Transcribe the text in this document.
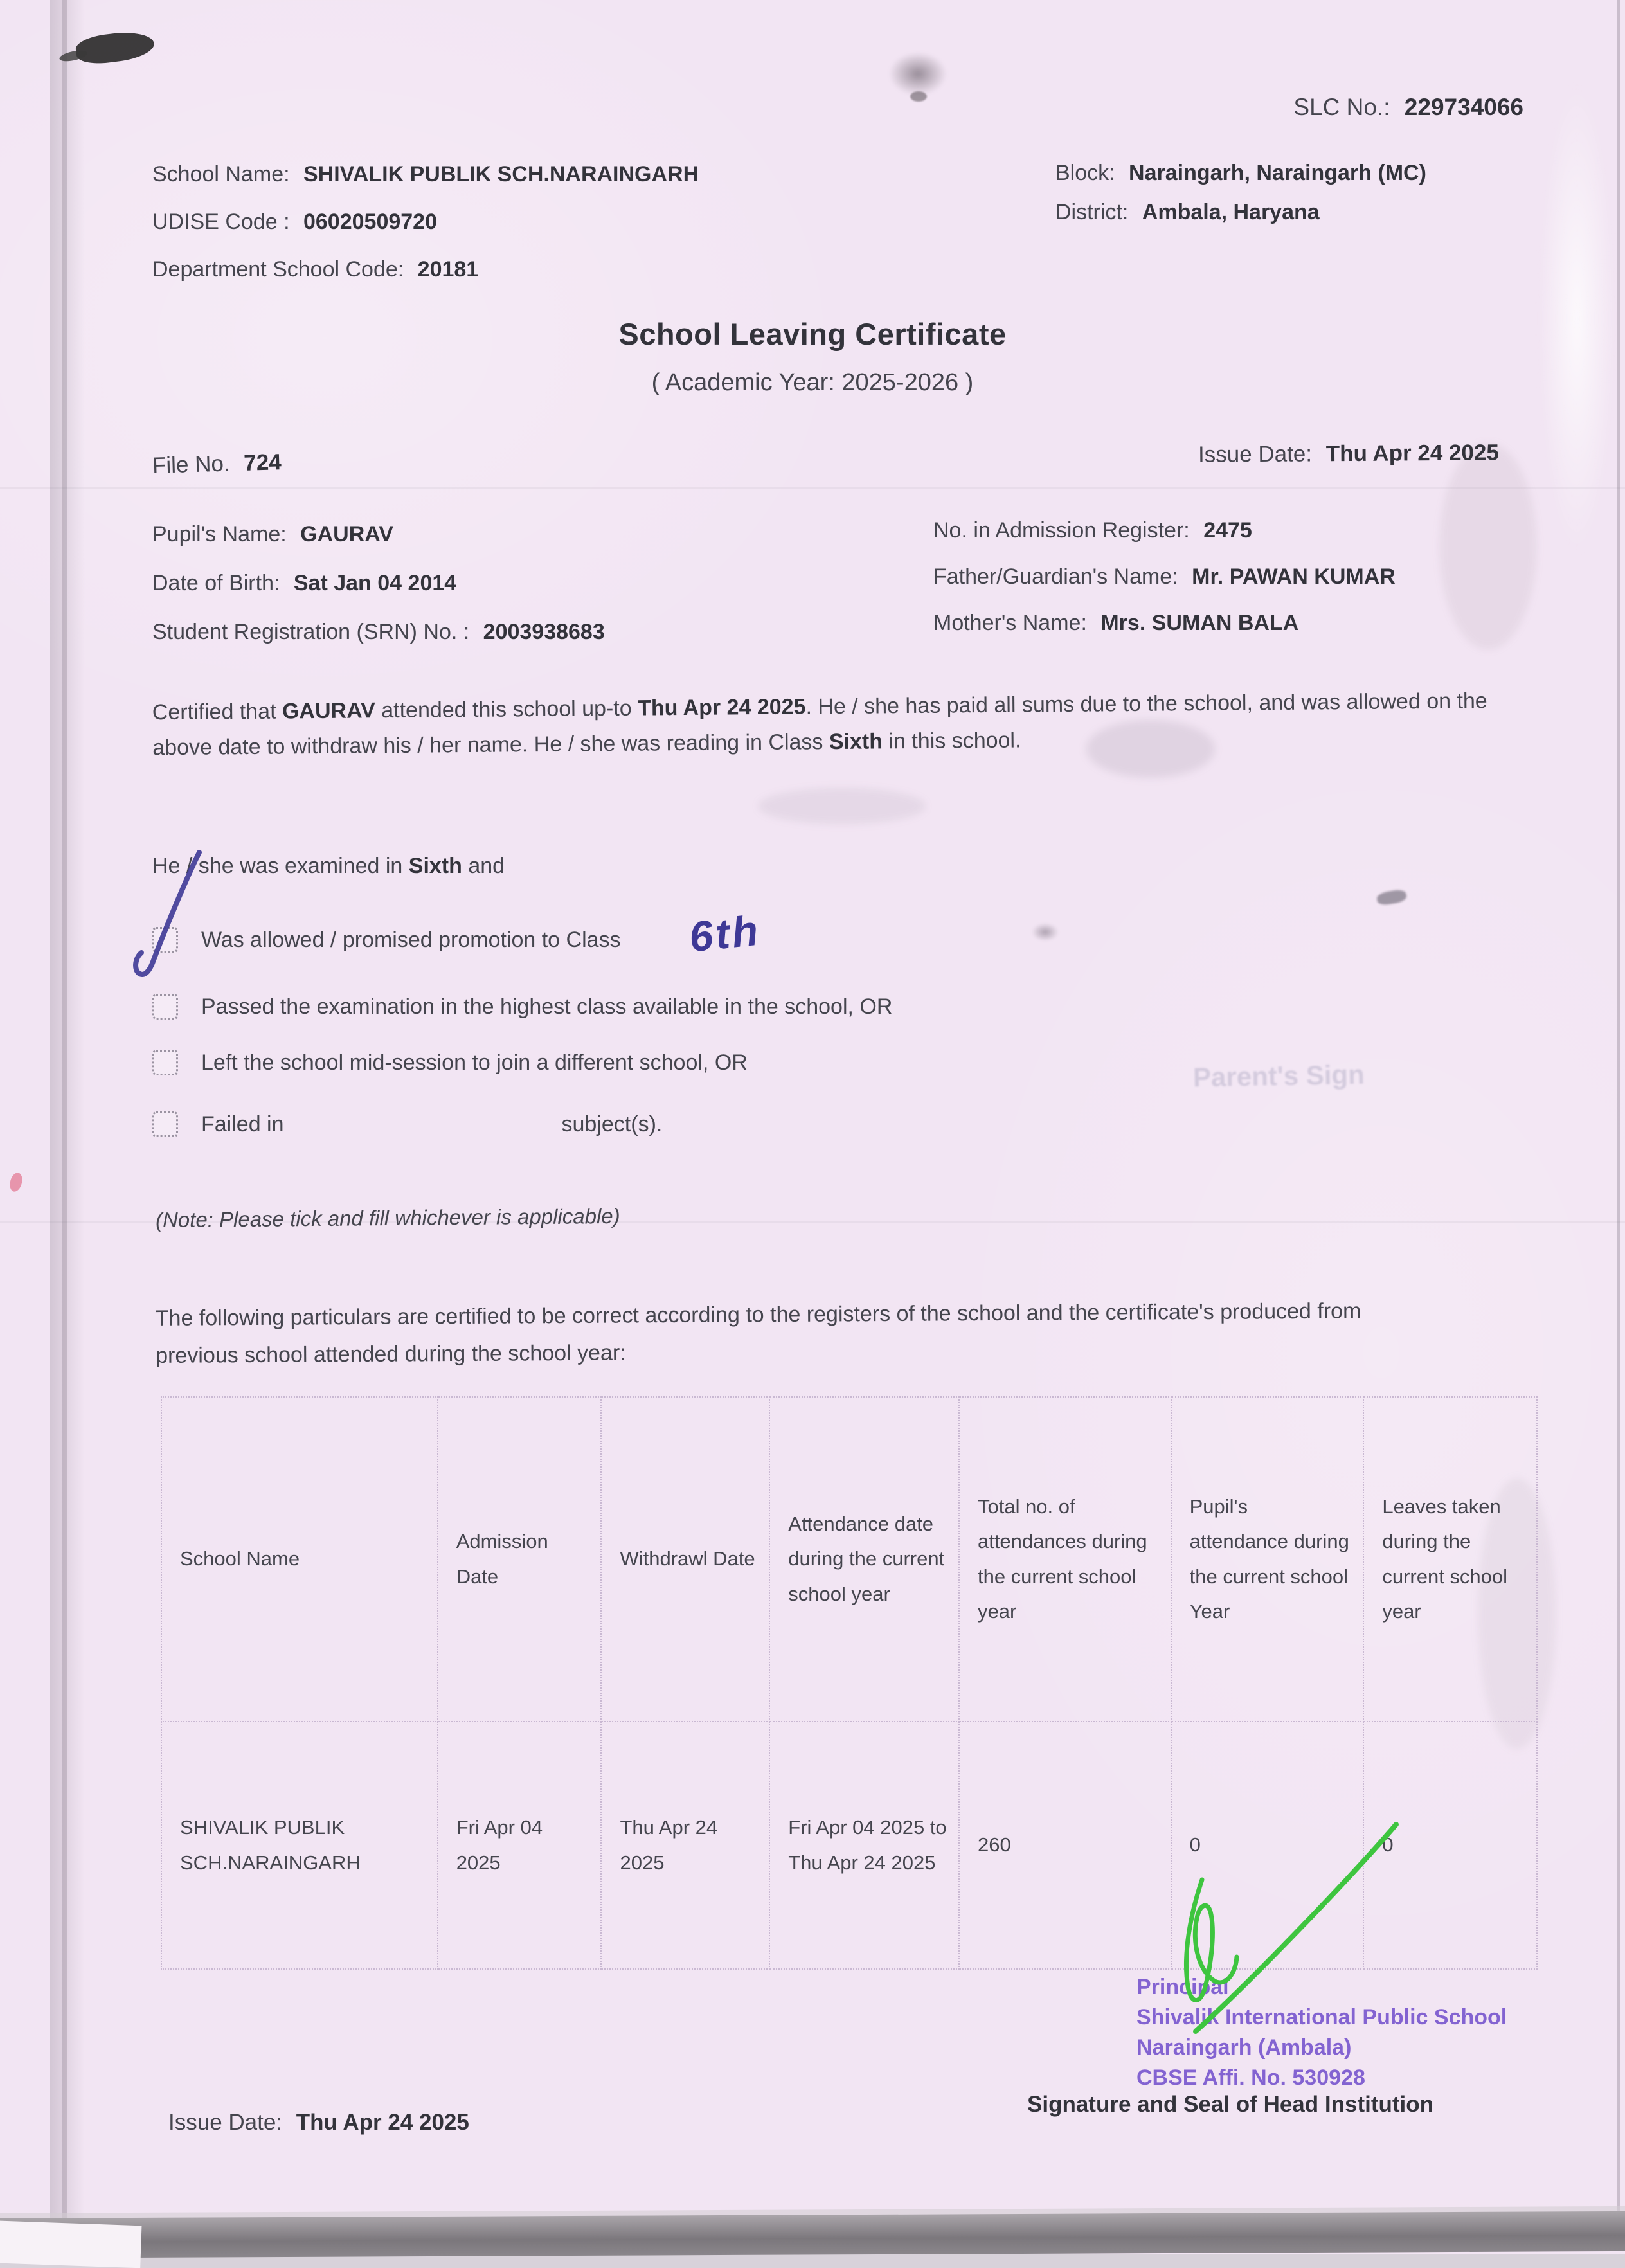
SLC No.: 229734066
School Name: SHIVALIK PUBLIK SCH.NARAINGARH
UDISE Code : 06020509720
Department School Code: 20181
Block: Naraingarh, Naraingarh (MC)
District: Ambala, Haryana
School Leaving Certificate
( Academic Year: 2025-2026 )
File No. 724	Issue Date: Thu Apr 24 2025
Pupil's Name: GAURAV
Date of Birth: Sat Jan 04 2014
Student Registration (SRN) No. : 2003938683
No. in Admission Register: 2475
Father/Guardian's Name: Mr. PAWAN KUMAR
Mother's Name: Mrs. SUMAN BALA
Certified that GAURAV attended this school up-to Thu Apr 24 2025. He / she has paid all sums due to the school, and was allowed on the above date to withdraw his / her name. He / she was reading in Class Sixth in this school.
He / she was examined in Sixth and
Was allowed / promised promotion to Class
Passed the examination in the highest class available in the school, OR
Left the school mid-session to join a different school, OR
Failed in	subject(s).
6th
(Note: Please tick and fill whichever is applicable)
The following particulars are certified to be correct according to the registers of the school and the certificate's produced from previous school attended during the school year:
School Name	Admission Date	Withdrawl Date	Attendance date during the current school year	Total no. of attendances during the current school year	Pupil's attendance during the current school Year	Leaves taken during the current school year
SHIVALIK PUBLIK SCH.NARAINGARH	Fri Apr 04 2025	Thu Apr 24 2025	Fri Apr 04 2025 to Thu Apr 24 2025	260	0	0
Principal
Shivalik International Public School
Naraingarh (Ambala)
CBSE Affi. No. 530928
Signature and Seal of Head Institution
Issue Date: Thu Apr 24 2025
Parent's Sign
